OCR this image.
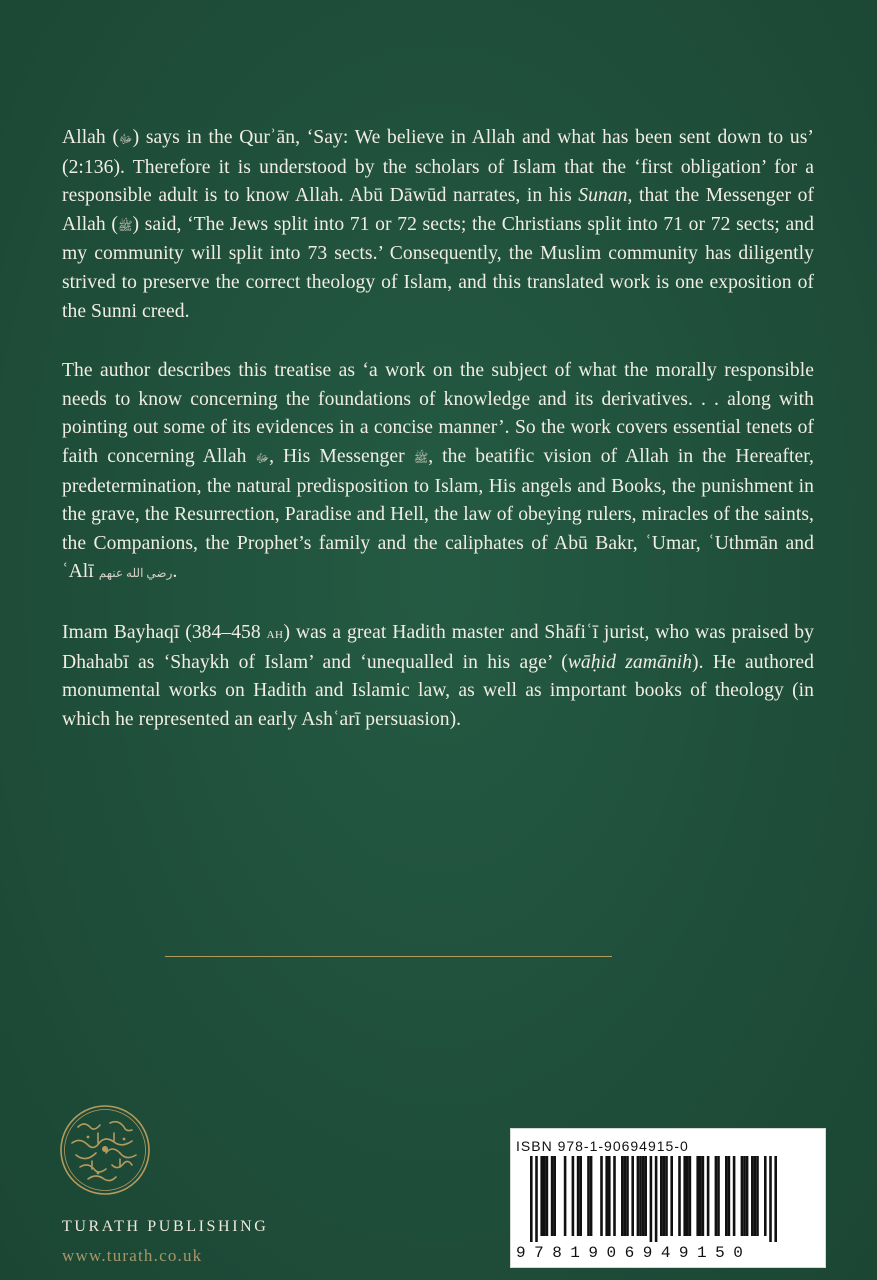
Allah (ﷻ) says in the Qurʾān, ‘Say: We believe in Allah and what has been sent down to us’ (2:136). Therefore it is understood by the scholars of Islam that the ‘first obligation’ for a responsible adult is to know Allah. Abū Dāwūd narrates, in his Sunan, that the Messenger of Allah (ﷺ) said, ‘The Jews split into 71 or 72 sects; the Christians split into 71 or 72 sects; and my community will split into 73 sects.’ Consequently, the Muslim community has diligently strived to preserve the correct theology of Islam, and this translated work is one exposition of the Sunni creed.

The author describes this treatise as ‘a work on the subject of what the morally responsible needs to know concerning the foundations of knowledge and its derivatives. . . along with pointing out some of its evidences in a concise manner’. So the work covers essential tenets of faith concerning Allah ﷻ, His Messenger ﷺ, the beatific vision of Allah in the Hereafter, predetermination, the natural predisposition to Islam, His angels and Books, the punishment in the grave, the Resurrection, Paradise and Hell, the law of obeying rulers, miracles of the saints, the Companions, the Prophet’s family and the caliphates of Abū Bakr, ʿUmar, ʿUthmān and ʿAlī رضي الله عنهم.

Imam Bayhaqī (384–458 ah) was a great Hadith master and Shāfiʿī jurist, who was praised by Dhahabī as ‘Shaykh of Islam’ and ‘unequalled in his age’ (wāḥid zamānih). He authored monumental works on Hadith and Islamic law, as well as important books of theology (in which he represented an early Ashʿarī persuasion).

TURATH PUBLISHING
www.turath.co.uk
ISBN 978-1-90694915-0
9781906949150
